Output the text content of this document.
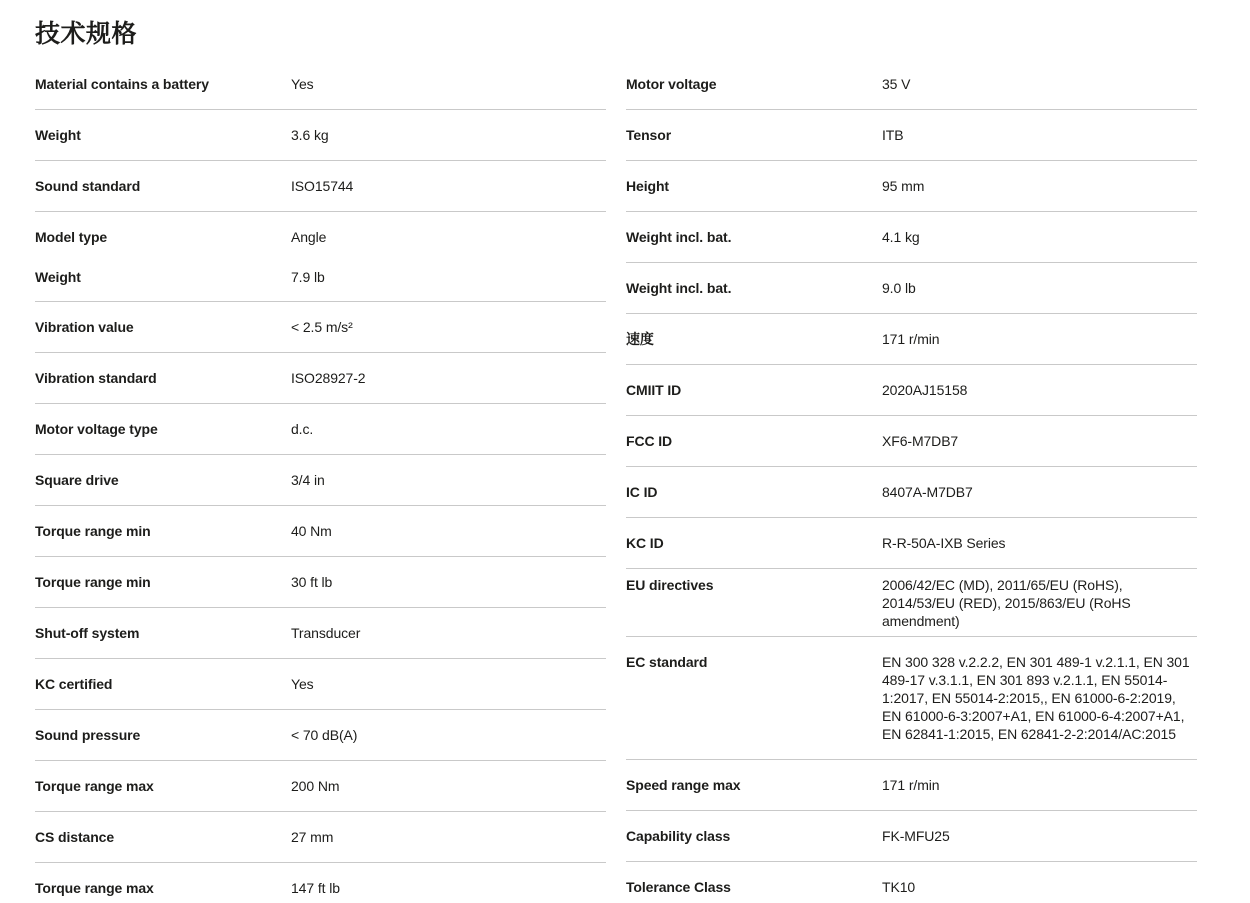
技术规格
Material contains a battery	Yes
Weight	3.6 kg
Sound standard	ISO15744
Model type	Angle
Weight	7.9 lb
Vibration value	< 2.5 m/s²
Vibration standard	ISO28927-2
Motor voltage type	d.c.
Square drive	3/4 in
Torque range min	40 Nm
Torque range min	30 ft lb
Shut-off system	Transducer
KC certified	Yes
Sound pressure	< 70 dB(A)
Torque range max	200 Nm
CS distance	27 mm
Torque range max	147 ft lb
Motor voltage	35 V
Tensor	ITB
Height	95 mm
Weight incl. bat.	4.1 kg
Weight incl. bat.	9.0 lb
速度	171 r/min
CMIIT ID	2020AJ15158
FCC ID	XF6-M7DB7
IC ID	8407A-M7DB7
KC ID	R-R-50A-IXB Series
EU directives	2006/42/EC (MD), 2011/65/EU (RoHS), 2014/53/EU (RED), 2015/863/EU (RoHS amendment)
EC standard	EN 300 328 v.2.2.2, EN 301 489-1 v.2.1.1, EN 301 489-17 v.3.1.1, EN 301 893 v.2.1.1, EN 55014-1:2017, EN 55014-2:2015,, EN 61000-6-2:2019, EN 61000-6-3:2007+A1, EN 61000-6-4:2007+A1, EN 62841-1:2015, EN 62841-2-2:2014/AC:2015
Speed range max	171 r/min
Capability class	FK-MFU25
Tolerance Class	TK10
